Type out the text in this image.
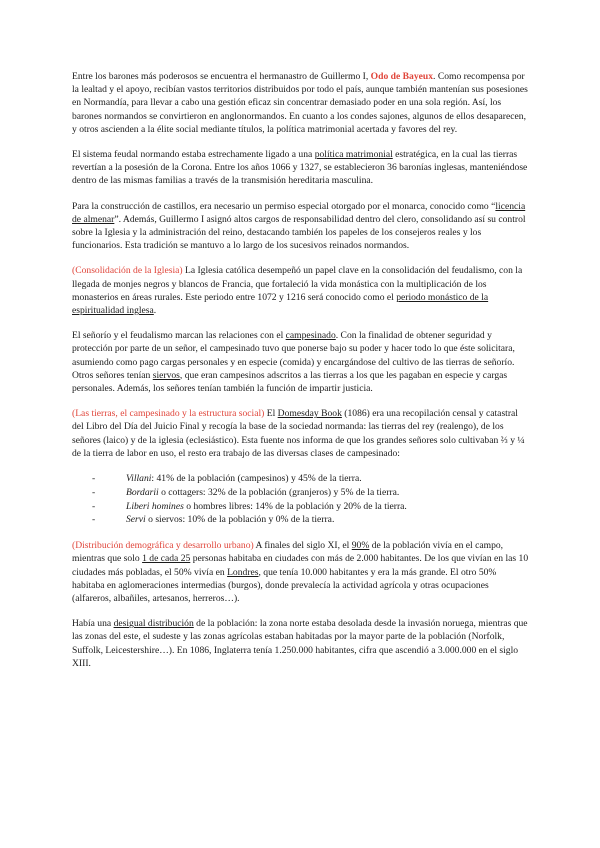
Entre los barones más poderosos se encuentra el hermanastro de Guillermo I, Odo de Bayeux. Como recompensa por la lealtad y el apoyo, recibían vastos territorios distribuidos por todo el país, aunque también mantenían sus posesiones en Normandía, para llevar a cabo una gestión eficaz sin concentrar demasiado poder en una sola región. Así, los barones normandos se convirtieron en anglonormandos. En cuanto a los condes sajones, algunos de ellos desaparecen, y otros ascienden a la élite social mediante títulos, la política matrimonial acertada y favores del rey.

El sistema feudal normando estaba estrechamente ligado a una política matrimonial estratégica, en la cual las tierras revertían a la posesión de la Corona. Entre los años 1066 y 1327, se establecieron 36 baronías inglesas, manteniéndose dentro de las mismas familias a través de la transmisión hereditaria masculina.

Para la construcción de castillos, era necesario un permiso especial otorgado por el monarca, conocido como “licencia de almenar”. Además, Guillermo I asignó altos cargos de responsabilidad dentro del clero, consolidando así su control sobre la Iglesia y la administración del reino, destacando también los papeles de los consejeros reales y los funcionarios. Esta tradición se mantuvo a lo largo de los sucesivos reinados normandos.

(Consolidación de la Iglesia) La Iglesia católica desempeñó un papel clave en la consolidación del feudalismo, con la llegada de monjes negros y blancos de Francia, que fortaleció la vida monástica con la multiplicación de los monasterios en áreas rurales. Este periodo entre 1072 y 1216 será conocido como el periodo monástico de la espiritualidad inglesa.

El señorío y el feudalismo marcan las relaciones con el campesinado. Con la finalidad de obtener seguridad y protección por parte de un señor, el campesinado tuvo que ponerse bajo su poder y hacer todo lo que éste solicitara, asumiendo como pago cargas personales y en especie (comida) y encargándose del cultivo de las tierras de señorío. Otros señores tenían siervos, que eran campesinos adscritos a las tierras a los que les pagaban en especie y cargas personales. Además, los señores tenían también la función de impartir justicia.

(Las tierras, el campesinado y la estructura social) El Domesday Book (1086) era una recopilación censal y catastral del Libro del Día del Juicio Final y recogía la base de la sociedad normanda: las tierras del rey (realengo), de los señores (laico) y de la iglesia (eclesiástico). Esta fuente nos informa de que los grandes señores solo cultivaban ⅔ y ¼ de la tierra de labor en uso, el resto era trabajo de las diversas clases de campesinado:

-	Villani: 41% de la población (campesinos) y 45% de la tierra.
-	Bordarii o cottagers: 32% de la población (granjeros) y 5% de la tierra.
-	Liberi homines o hombres libres: 14% de la población y 20% de la tierra.
-	Servi o siervos: 10% de la población y 0% de la tierra.

(Distribución demográfica y desarrollo urbano) A finales del siglo XI, el 90% de la población vivía en el campo, mientras que solo 1 de cada 25 personas habitaba en ciudades con más de 2.000 habitantes. De los que vivían en las 10 ciudades más pobladas, el 50% vivía en Londres, que tenía 10.000 habitantes y era la más grande. El otro 50% habitaba en aglomeraciones intermedias (burgos), donde prevalecía la actividad agrícola y otras ocupaciones (alfareros, albañiles, artesanos, herreros…).

Había una desigual distribución de la población: la zona norte estaba desolada desde la invasión noruega, mientras que las zonas del este, el sudeste y las zonas agrícolas estaban habitadas por la mayor parte de la población (Norfolk, Suffolk, Leicestershire…). En 1086, Inglaterra tenía 1.250.000 habitantes, cifra que ascendió a 3.000.000 en el siglo XIII.
